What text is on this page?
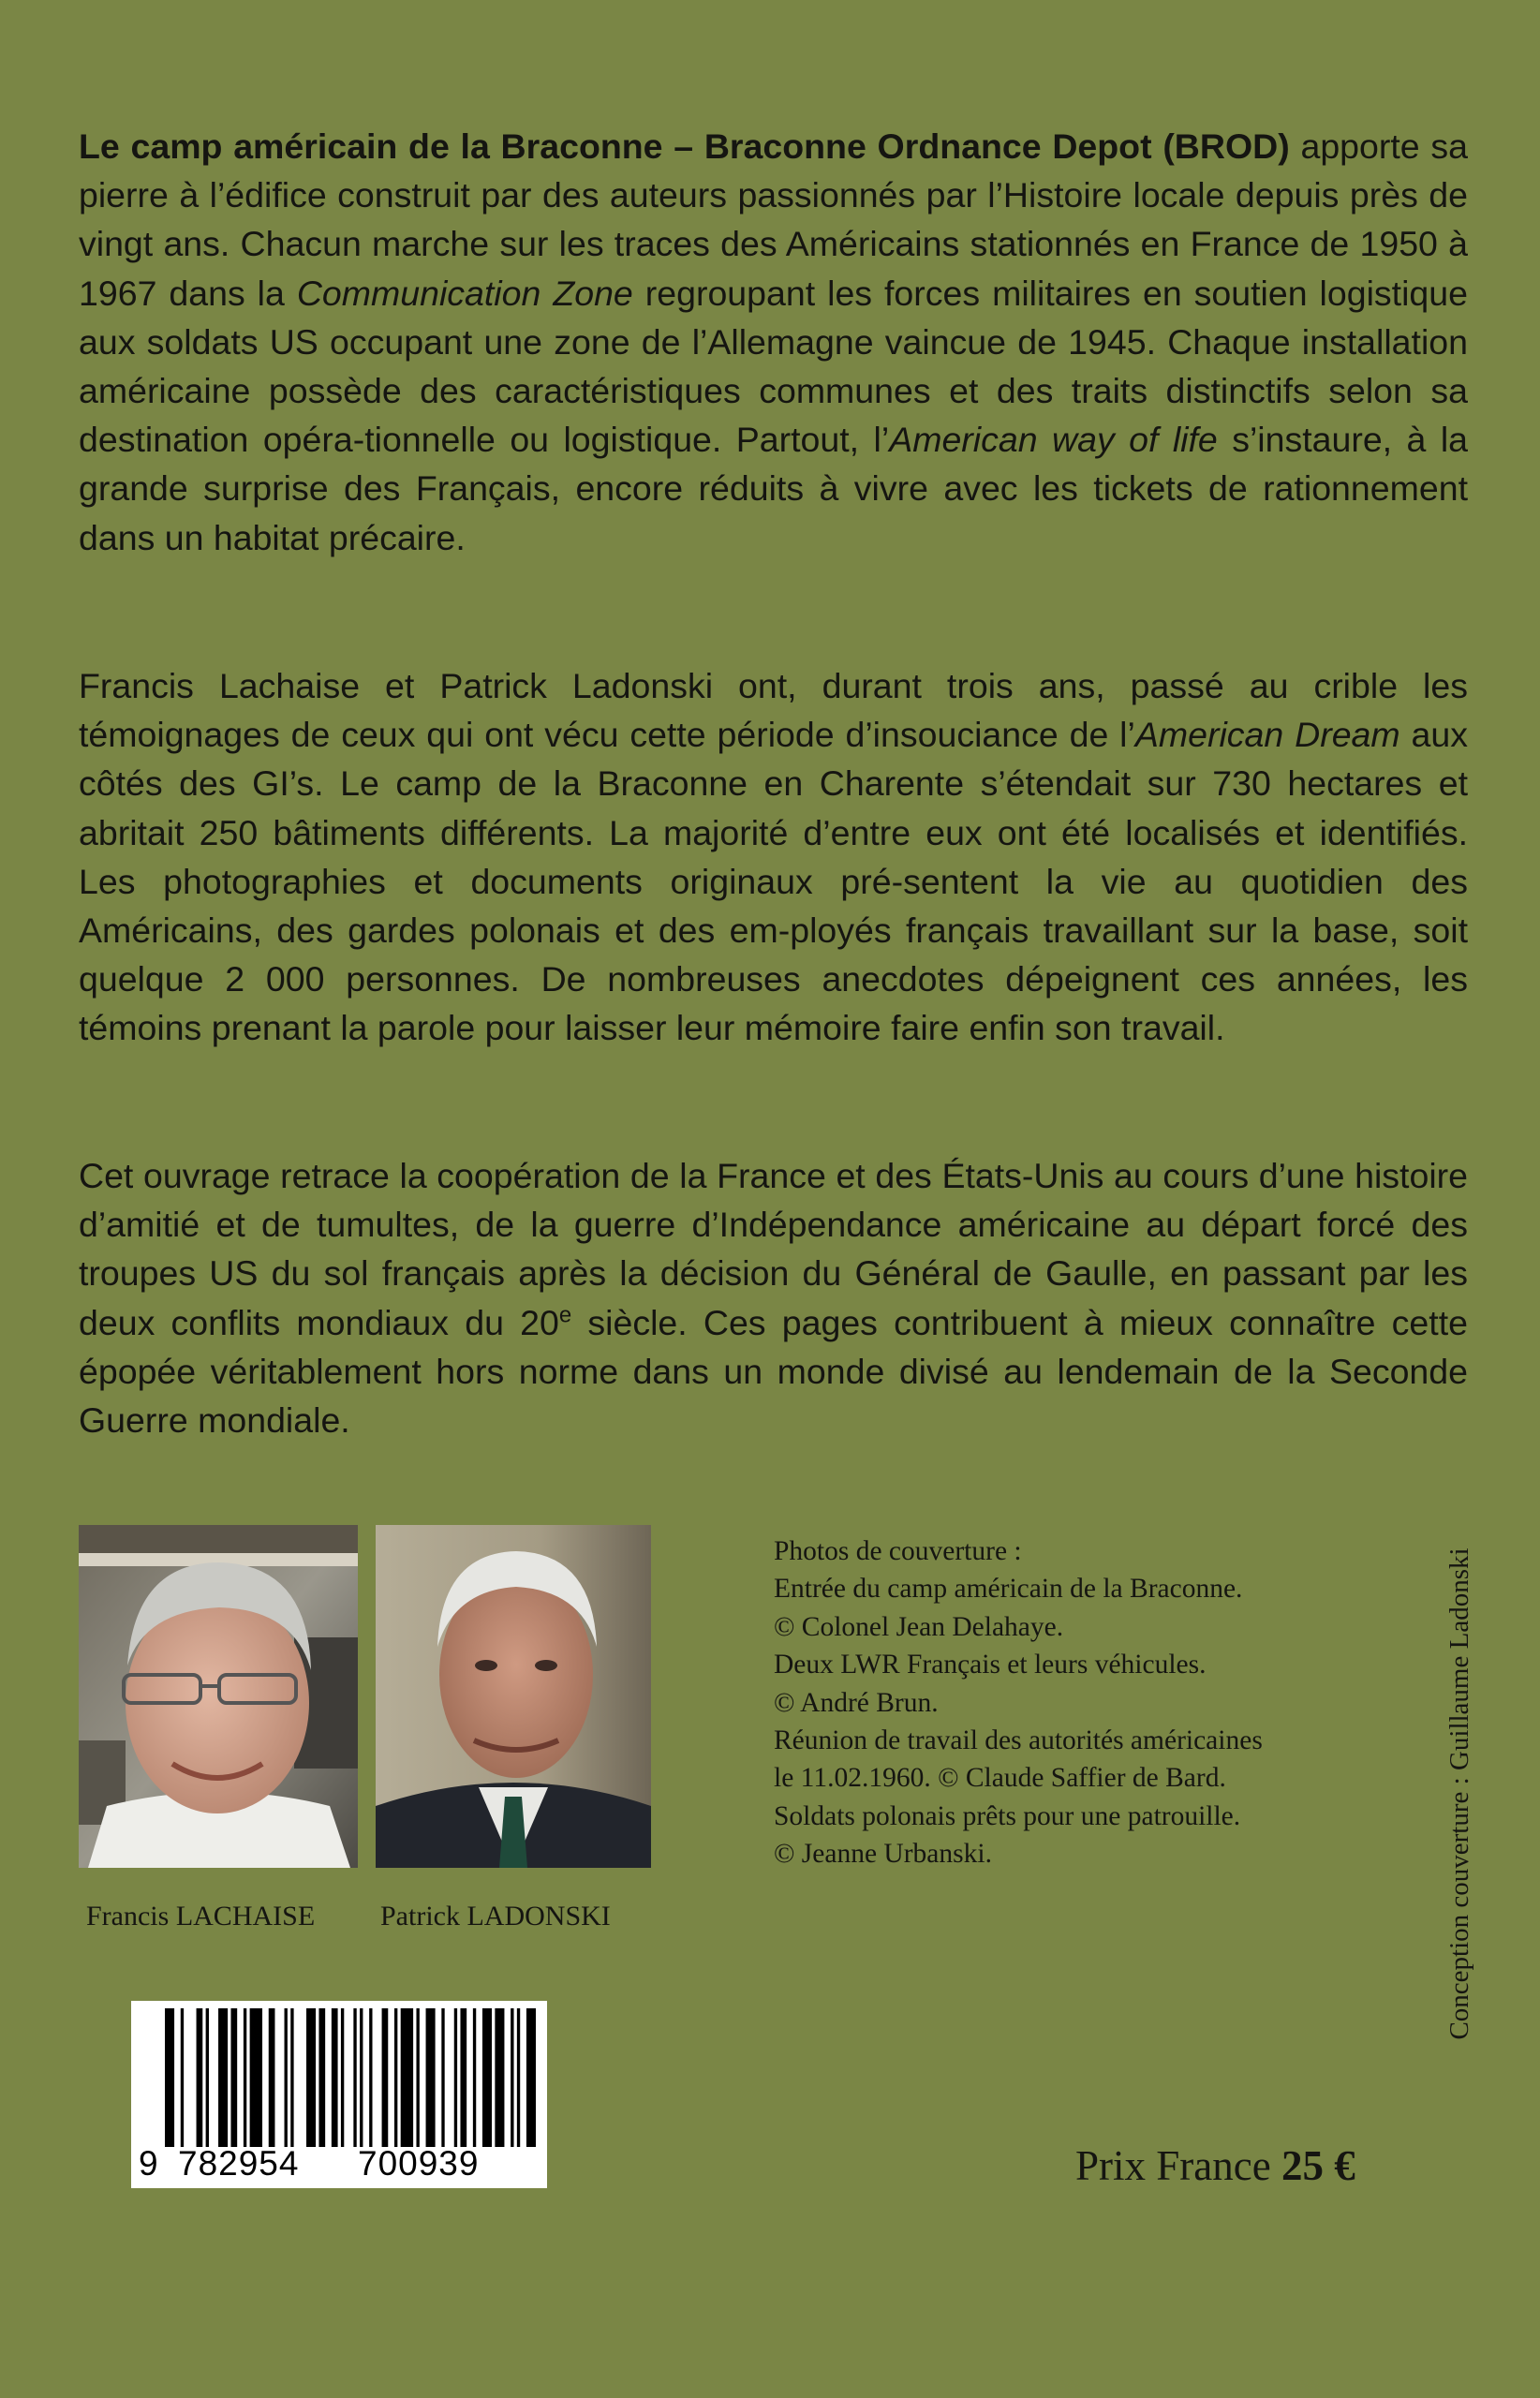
Le camp américain de la Braconne – Braconne Ordnance Depot (BROD) apporte sa pierre à l’édifice construit par des auteurs passionnés par l’Histoire locale depuis près de vingt ans. Chacun marche sur les traces des Américains stationnés en France de 1950 à 1967 dans la Communication Zone regroupant les forces militaires en soutien logistique aux soldats US occupant une zone de l’Allemagne vaincue de 1945. Chaque installation américaine possède des caractéristiques communes et des traits distinctifs selon sa destination opéra-tionnelle ou logistique. Partout, l’American way of life s’instaure, à la grande surprise des Français, encore réduits à vivre avec les tickets de rationnement dans un habitat précaire.

Francis Lachaise et Patrick Ladonski ont, durant trois ans, passé au crible les témoignages de ceux qui ont vécu cette période d’insouciance de l’American Dream aux côtés des GI’s. Le camp de la Braconne en Charente s’étendait sur 730 hectares et abritait 250 bâtiments différents. La majorité d’entre eux ont été localisés et identifiés. Les photographies et documents originaux pré-sentent la vie au quotidien des Américains, des gardes polonais et des em-ployés français travaillant sur la base, soit quelque 2 000 personnes. De nombreuses anecdotes dépeignent ces années, les témoins prenant la parole pour laisser leur mémoire faire enfin son travail.

Cet ouvrage retrace la coopération de la France et des États-Unis au cours d’une histoire d’amitié et de tumultes, de la guerre d’Indépendance américaine au départ forcé des troupes US du sol français après la décision du Général de Gaulle, en passant par les deux conflits mondiaux du 20e siècle. Ces pages contribuent à mieux connaître cette épopée véritablement hors norme dans un monde divisé au lendemain de la Seconde Guerre mondiale.

Francis LACHAISE Patrick LADONSKI
Photos de couverture :
Entrée du camp américain de la Braconne.
© Colonel Jean Delahaye.
Deux LWR Français et leurs véhicules.
© André Brun.
Réunion de travail des autorités américaines
le 11.02.1960. © Claude Saffier de Bard.
Soldats polonais prêts pour une patrouille.
© Jeanne Urbanski.	Conception couverture : Guillaume Ladonski
9 782954 700939	Prix France 25 €
